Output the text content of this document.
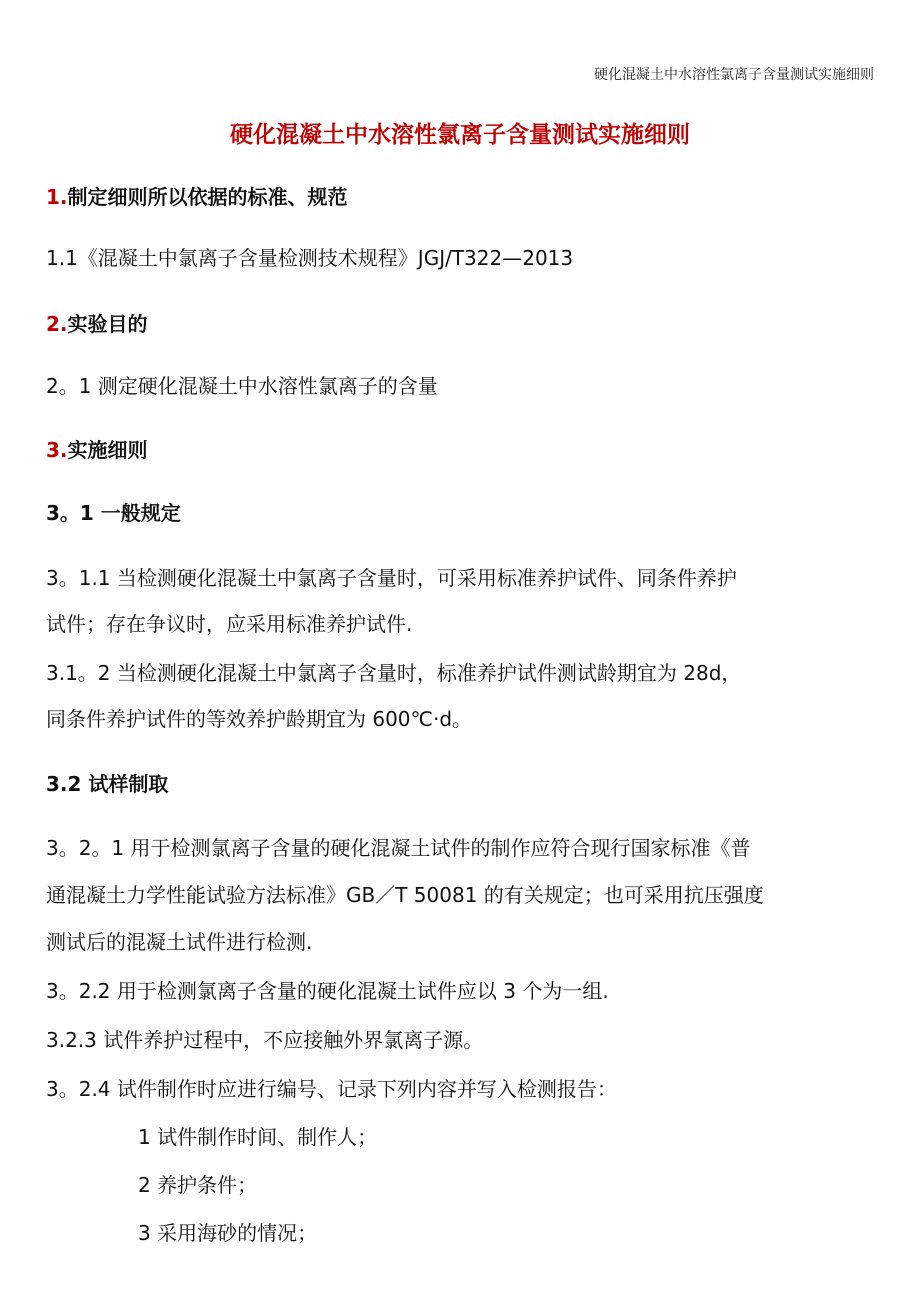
硬化混凝土中水溶性氯离子含量测试实施细则
硬化混凝土中水溶性氯离子含量测试实施细则

1.制定细则所以依据的标准、规范

1.1《混凝土中氯离子含量检测技术规程》JGJ/T322—2013

2.实验目的

2。1 测定硬化混凝土中水溶性氯离子的含量

3.实施细则

3。1 一般规定

3。1.1 当检测硬化混凝土中氯离子含量时，可采用标准养护试件、同条件养护

试件；存在争议时，应采用标准养护试件.

3.1。2 当检测硬化混凝土中氯离子含量时，标准养护试件测试龄期宜为 28d，

同条件养护试件的等效养护龄期宜为 600℃·d。

3.2 试样制取

3。2。1 用于检测氯离子含量的硬化混凝土试件的制作应符合现行国家标准《普

通混凝土力学性能试验方法标准》GB／T 50081 的有关规定；也可采用抗压强度

测试后的混凝土试件进行检测.

3。2.2 用于检测氯离子含量的硬化混凝土试件应以 3 个为一组.

3.2.3 试件养护过程中，不应接触外界氯离子源。

3。2.4 试件制作时应进行编号、记录下列内容并写入检测报告：

1 试件制作时间、制作人；

2 养护条件；

3 采用海砂的情况；
